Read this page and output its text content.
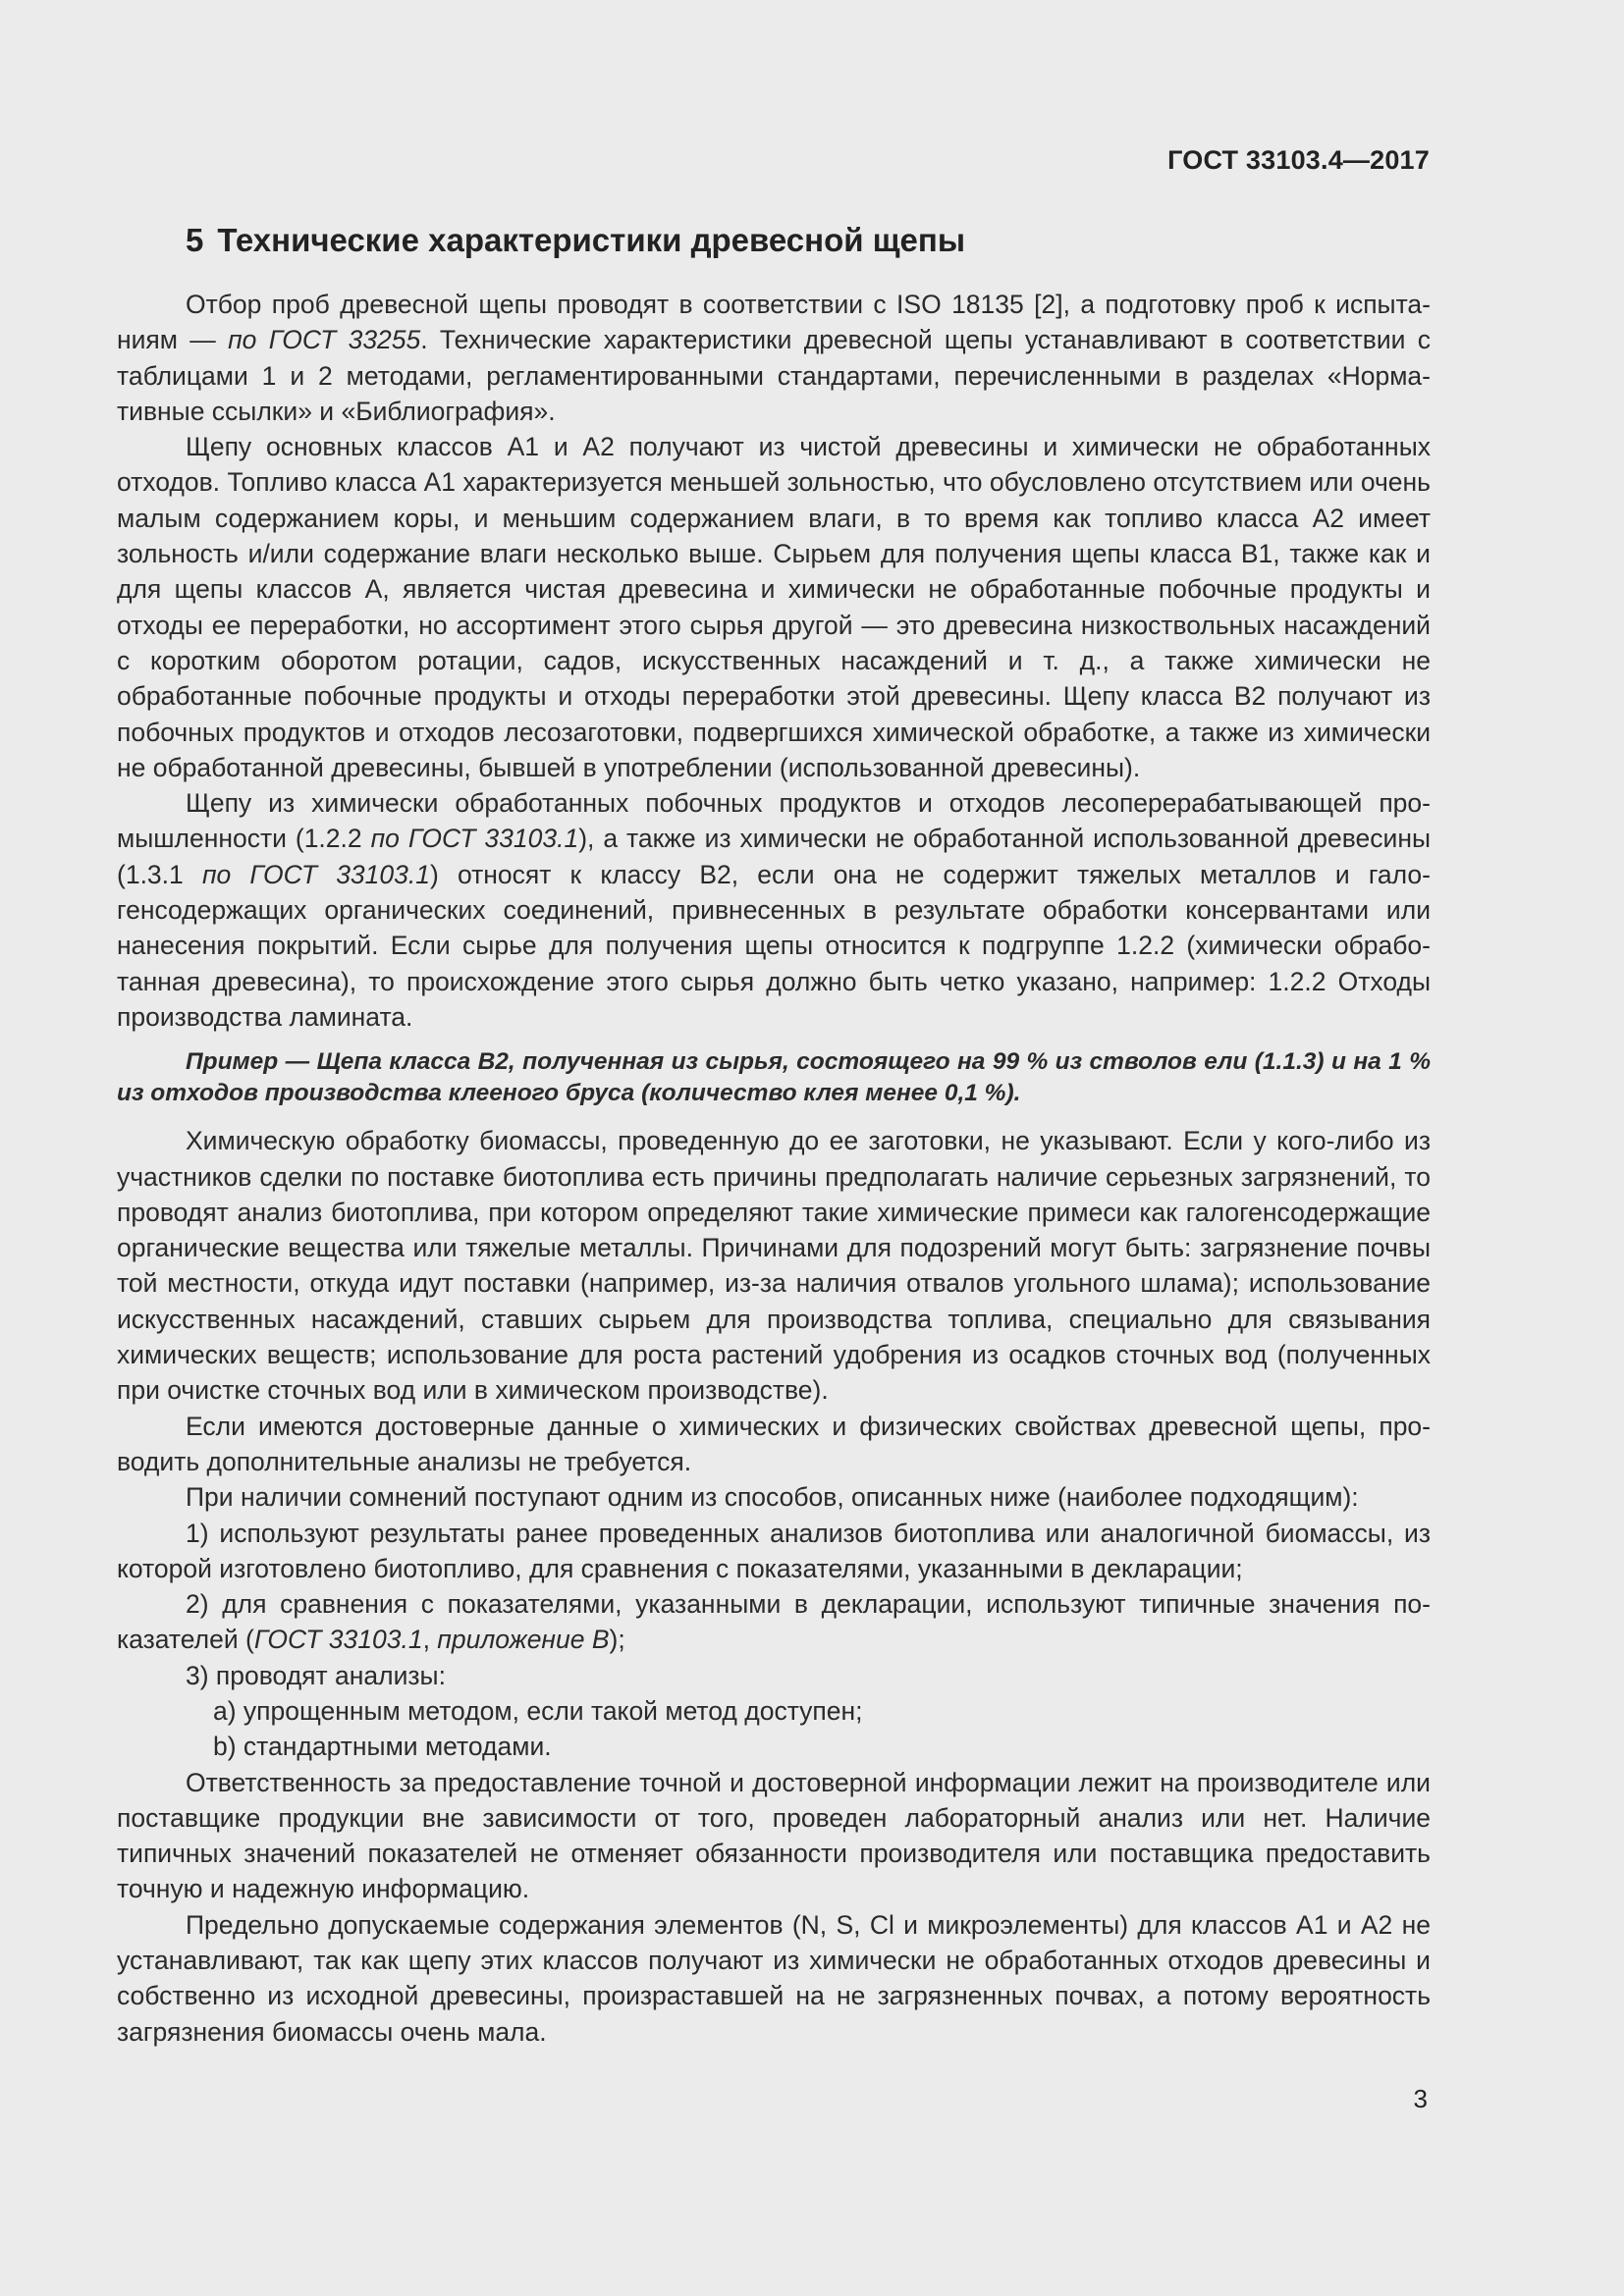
ГОСТ 33103.4—2017
5 Технические характеристики древесной щепы

Отбор проб древесной щепы проводят в соответствии с ISO 18135 [2], а подготовку проб к испытаниям — по ГОСТ 33255. Технические характеристики древесной щепы устанавливают в соответствии с таблицами 1 и 2 методами, регламентированными стандартами, перечисленными в разделах «Нормативные ссылки» и «Библиография».

Щепу основных классов А1 и А2 получают из чистой древесины и химически не обработанных отходов. Топливо класса А1 характеризуется меньшей зольностью, что обусловлено отсутствием или очень малым содержанием коры, и меньшим содержанием влаги, в то время как топливо класса А2 имеет зольность и/или содержание влаги несколько выше. Сырьем для получения щепы класса В1, также как и для щепы классов А, является чистая древесина и химически не обработанные побочные продукты и отходы ее переработки, но ассортимент этого сырья другой — это древесина низкоствольных насаждений с коротким оборотом ротации, садов, искусственных насаждений и т. д., а также химически не обработанные побочные продукты и отходы переработки этой древесины. Щепу класса В2 получают из побочных продуктов и отходов лесозаготовки, подвергшихся химической обработке, а также из химически не обработанной древесины, бывшей в употреблении (использованной древесины).

Щепу из химически обработанных побочных продуктов и отходов лесоперерабатывающей промышленности (1.2.2 по ГОСТ 33103.1), а также из химически не обработанной использованной древесины (1.3.1 по ГОСТ 33103.1) относят к классу В2, если она не содержит тяжелых металлов и галогенсодержащих органических соединений, привнесенных в результате обработки консервантами или нанесения покрытий. Если сырье для получения щепы относится к подгруппе 1.2.2 (химически обработанная древесина), то происхождение этого сырья должно быть четко указано, например: 1.2.2 Отходы производства ламината.

Пример — Щепа класса В2, полученная из сырья, состоящего на 99 % из стволов ели (1.1.3) и на 1 % из отходов производства клееного бруса (количество клея менее 0,1 %).

Химическую обработку биомассы, проведенную до ее заготовки, не указывают. Если у кого-либо из участников сделки по поставке биотоплива есть причины предполагать наличие серьезных загрязнений, то проводят анализ биотоплива, при котором определяют такие химические примеси как галогенсодержащие органические вещества или тяжелые металлы. Причинами для подозрений могут быть: загрязнение почвы той местности, откуда идут поставки (например, из-за наличия отвалов угольного шлама); использование искусственных насаждений, ставших сырьем для производства топлива, специально для связывания химических веществ; использование для роста растений удобрения из осадков сточных вод (полученных при очистке сточных вод или в химическом производстве).

Если имеются достоверные данные о химических и физических свойствах древесной щепы, проводить дополнительные анализы не требуется.

При наличии сомнений поступают одним из способов, описанных ниже (наиболее подходящим):

1) используют результаты ранее проведенных анализов биотоплива или аналогичной биомассы, из которой изготовлено биотопливо, для сравнения с показателями, указанными в декларации;

2) для сравнения с показателями, указанными в декларации, используют типичные значения показателей (ГОСТ 33103.1, приложение В);

3) проводят анализы:

a) упрощенным методом, если такой метод доступен;

b) стандартными методами.

Ответственность за предоставление точной и достоверной информации лежит на производителе или поставщике продукции вне зависимости от того, проведен лабораторный анализ или нет. Наличие типичных значений показателей не отменяет обязанности производителя или поставщика предоставить точную и надежную информацию.

Предельно допускаемые содержания элементов (N, S, Cl и микроэлементы) для классов А1 и А2 не устанавливают, так как щепу этих классов получают из химически не обработанных отходов древесины и собственно из исходной древесины, произраставшей на не загрязненных почвах, а потому вероятность загрязнения биомассы очень мала.

3
